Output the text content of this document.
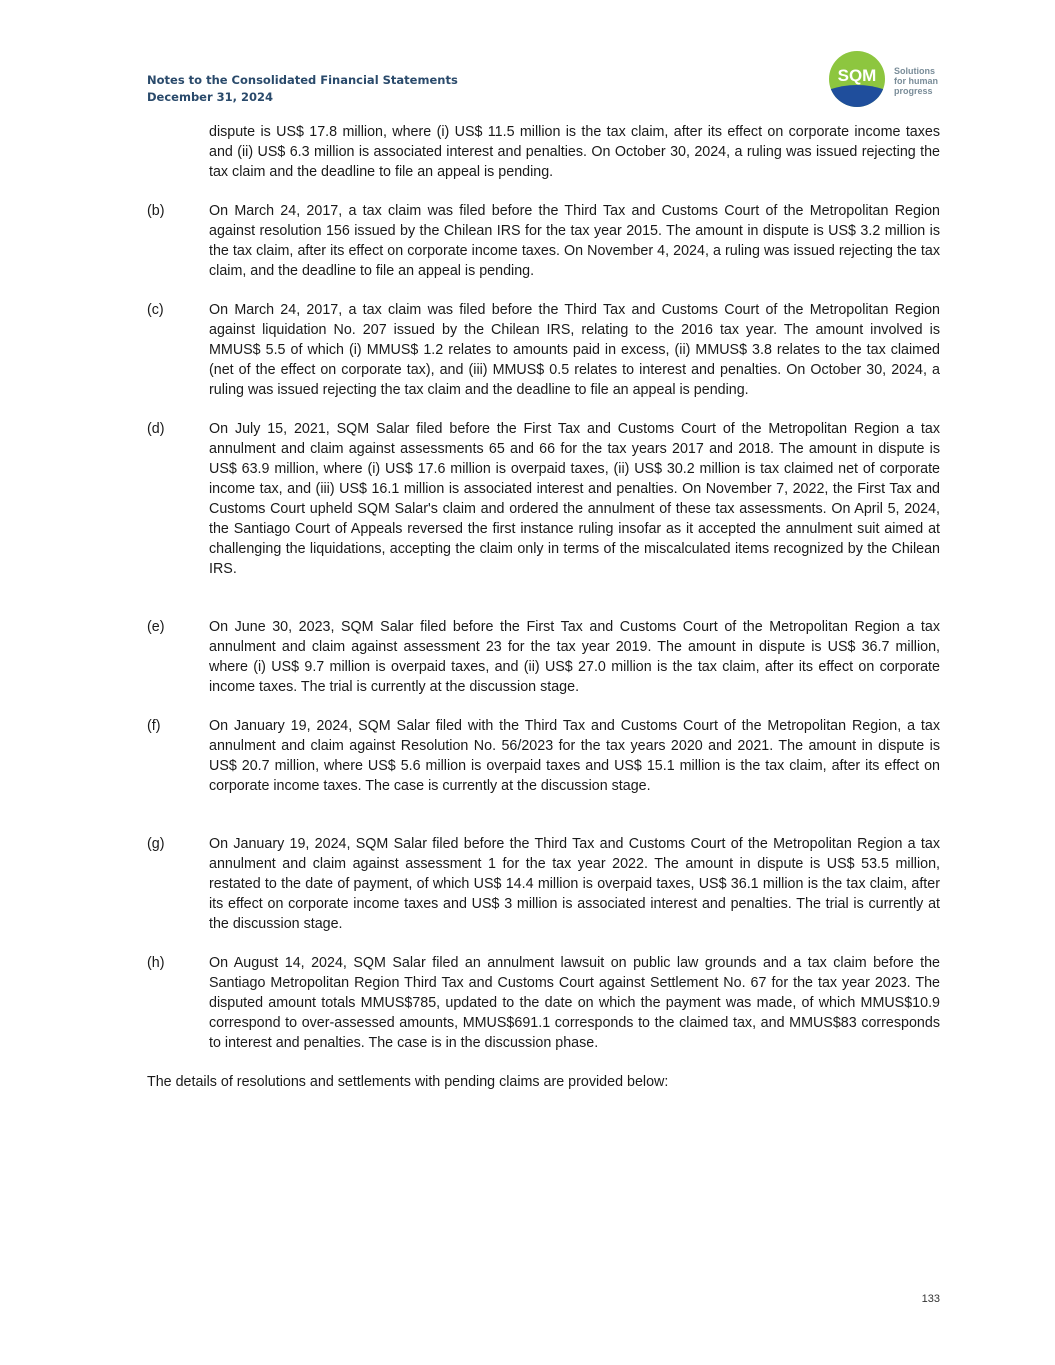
Notes to the Consolidated Financial Statements
December 31, 2024
SQM Solutions
for human
progress
dispute is US$ 17.8 million, where (i) US$ 11.5 million is the tax claim, after its effect on corporate income taxes and (ii) US$ 6.3 million is associated interest and penalties. On October 30, 2024, a ruling was issued rejecting the tax claim and the deadline to file an appeal is pending.
(b)	On March 24, 2017, a tax claim was filed before the Third Tax and Customs Court of the Metropolitan Region against resolution 156 issued by the Chilean IRS for the tax year 2015. The amount in dispute is US$ 3.2 million is the tax claim, after its effect on corporate income taxes. On November 4, 2024, a ruling was issued rejecting the tax claim, and the deadline to file an appeal is pending.
(c)	On March 24, 2017, a tax claim was filed before the Third Tax and Customs Court of the Metropolitan Region against liquidation No. 207 issued by the Chilean IRS, relating to the 2016 tax year. The amount involved is MMUS$ 5.5 of which (i) MMUS$ 1.2 relates to amounts paid in excess, (ii) MMUS$ 3.8 relates to the tax claimed (net of the effect on corporate tax), and (iii) MMUS$ 0.5 relates to interest and penalties. On October 30, 2024, a ruling was issued rejecting the tax claim and the deadline to file an appeal is pending.
(d)	On July 15, 2021, SQM Salar filed before the First Tax and Customs Court of the Metropolitan Region a tax annulment and claim against assessments 65 and 66 for the tax years 2017 and 2018. The amount in dispute is US$ 63.9 million, where (i) US$ 17.6 million is overpaid taxes, (ii) US$ 30.2 million is tax claimed net of corporate income tax, and (iii) US$ 16.1 million is associated interest and penalties. On November 7, 2022, the First Tax and Customs Court upheld SQM Salar's claim and ordered the annulment of these tax assessments. On April 5, 2024, the Santiago Court of Appeals reversed the first instance ruling insofar as it accepted the annulment suit aimed at challenging the liquidations, accepting the claim only in terms of the miscalculated items recognized by the Chilean IRS.
(e)	On June 30, 2023, SQM Salar filed before the First Tax and Customs Court of the Metropolitan Region a tax annulment and claim against assessment 23 for the tax year 2019. The amount in dispute is US$ 36.7 million, where (i) US$ 9.7 million is overpaid taxes, and (ii) US$ 27.0 million is the tax claim, after its effect on corporate income taxes. The trial is currently at the discussion stage.
(f)	On January 19, 2024, SQM Salar filed with the Third Tax and Customs Court of the Metropolitan Region, a tax annulment and claim against Resolution No. 56/2023 for the tax years 2020 and 2021. The amount in dispute is US$ 20.7 million, where US$ 5.6 million is overpaid taxes and US$ 15.1 million is the tax claim, after its effect on corporate income taxes. The case is currently at the discussion stage.
(g)	On January 19, 2024, SQM Salar filed before the Third Tax and Customs Court of the Metropolitan Region a tax annulment and claim against assessment 1 for the tax year 2022. The amount in dispute is US$ 53.5 million, restated to the date of payment, of which US$ 14.4 million is overpaid taxes, US$ 36.1 million is the tax claim, after its effect on corporate income taxes and US$ 3 million is associated interest and penalties. The trial is currently at the discussion stage.
(h)	On August 14, 2024, SQM Salar filed an annulment lawsuit on public law grounds and a tax claim before the Santiago Metropolitan Region Third Tax and Customs Court against Settlement No. 67 for the tax year 2023. The disputed amount totals MMUS$785, updated to the date on which the payment was made, of which MMUS$10.9 correspond to over-assessed amounts, MMUS$691.1 corresponds to the claimed tax, and MMUS$83 corresponds to interest and penalties. The case is in the discussion phase.
The details of resolutions and settlements with pending claims are provided below:
133
